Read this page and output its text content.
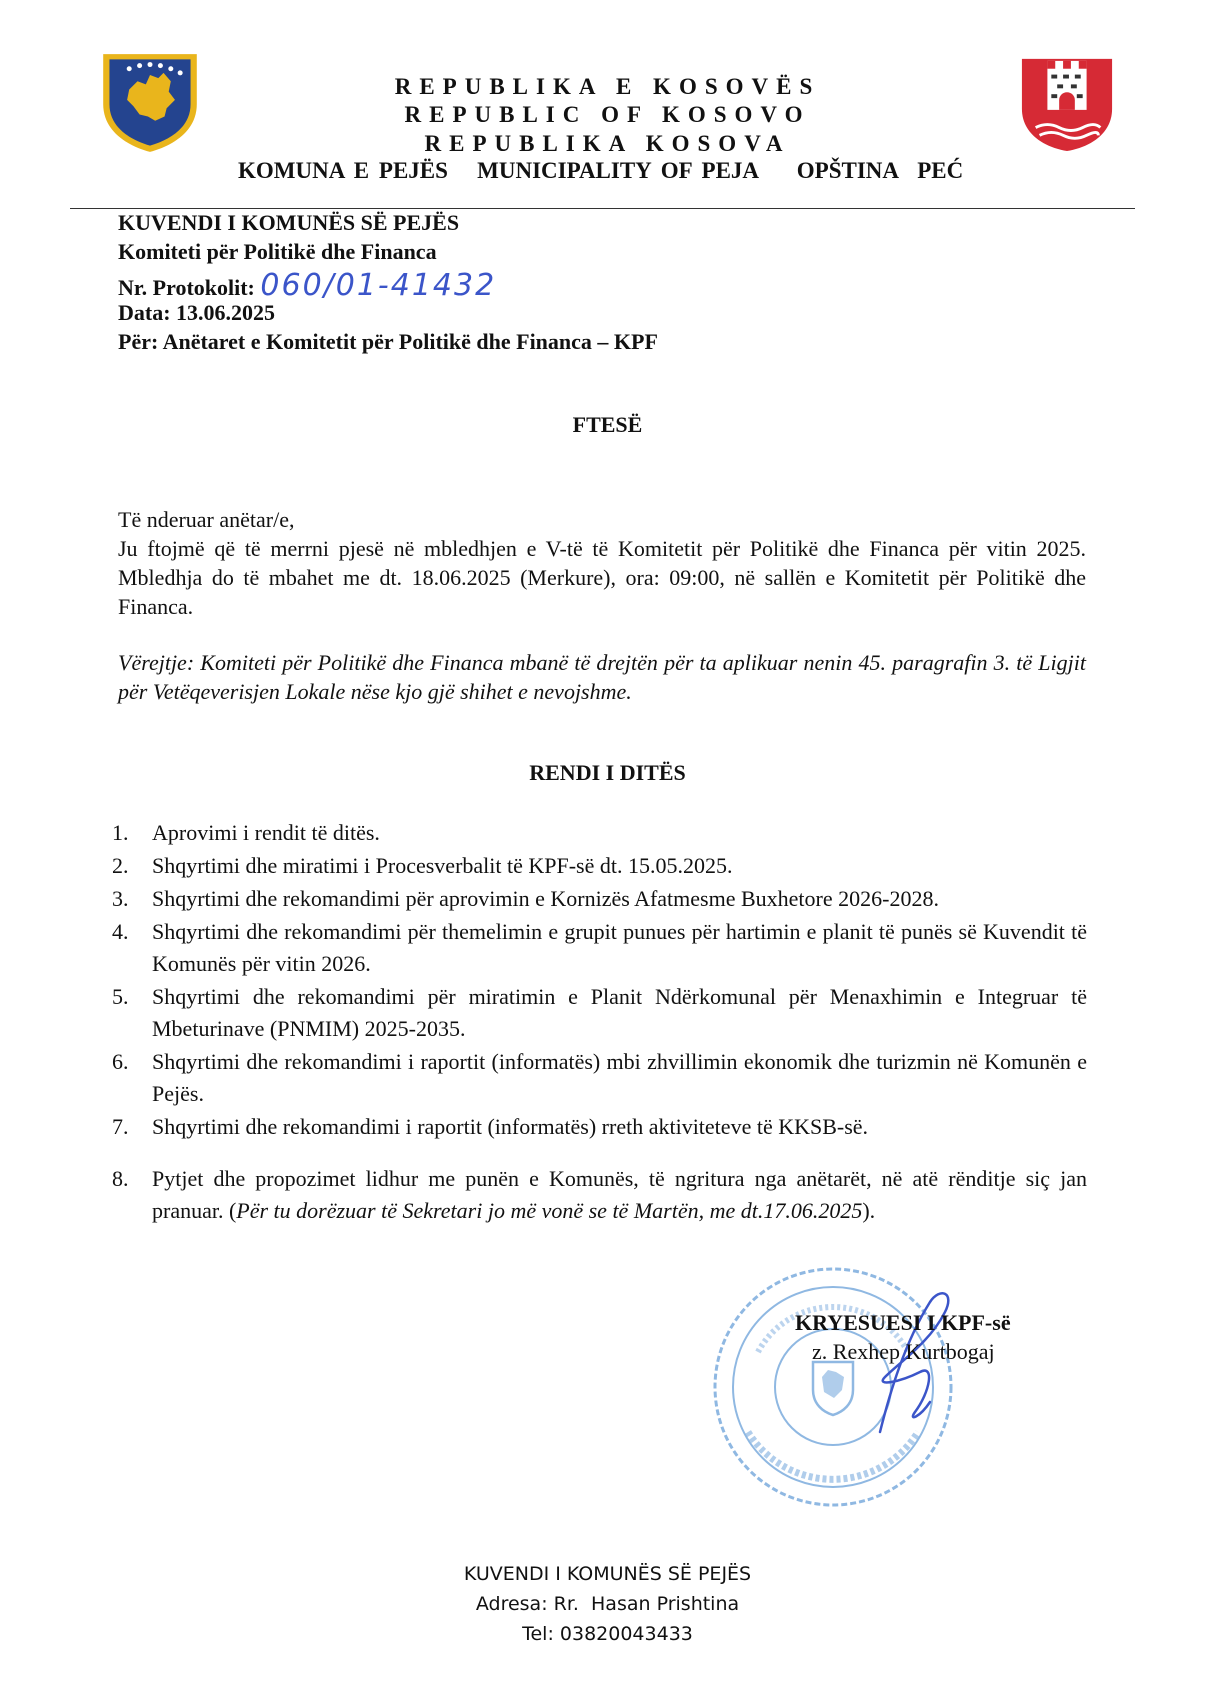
REPUBLIKA E KOSOVËS
REPUBLIC OF KOSOVO
REPUBLIKA KOSOVA
KOMUNA E PEJËS   MUNICIPALITY OF PEJA    OPŠTINA  PEĆ
KUVENDI I KOMUNËS SË PEJËS
Komiteti për Politikë dhe Financa
Nr. Protokolit: 060/01-41432
Data: 13.06.2025
Për: Anëtaret e Komitetit për Politikë dhe Financa – KPF
FTESË
Të nderuar anëtar/e,
Ju ftojmë që të merrni pjesë në mbledhjen e V-të të Komitetit për Politikë dhe Financa për vitin 2025. Mbledhja do të mbahet me dt. 18.06.2025 (Merkure), ora: 09:00, në sallën e Komitetit për Politikë dhe Financa.
Vërejtje: Komiteti për Politikë dhe Financa mbanë të drejtën për ta aplikuar nenin 45. paragrafin 3. të Ligjit për Vetëqeverisjen Lokale nëse kjo gjë shihet e nevojshme.
RENDI I DITËS
1.	Aprovimi i rendit të ditës.
2.	Shqyrtimi dhe miratimi i Procesverbalit të KPF-së dt. 15.05.2025.
3.	Shqyrtimi dhe rekomandimi për aprovimin e Kornizës Afatmesme Buxhetore 2026-2028.
4.	Shqyrtimi dhe rekomandimi për themelimin e grupit punues për hartimin e planit të punës së Kuvendit të Komunës për vitin 2026.
5.	Shqyrtimi dhe rekomandimi për miratimin e Planit Ndërkomunal për Menaxhimin e Integruar të Mbeturinave (PNMIM) 2025-2035.
6.	Shqyrtimi dhe rekomandimi i raportit (informatës) mbi zhvillimin ekonomik dhe turizmin në Komunën e Pejës.
7.	Shqyrtimi dhe rekomandimi i raportit (informatës) rreth aktiviteteve të KKSB-së.
8.	Pytjet dhe propozimet lidhur me punën e Komunës, të ngritura nga anëtarët, në atë rënditje siç jan pranuar. (Për tu dorëzuar të Sekretari jo më vonë se të Martën, me dt.17.06.2025).
KRYESUESI I KPF-së
z. Rexhep Kurtbogaj
KUVENDI I KOMUNËS SË PEJËS
Adresa: Rr.  Hasan Prishtina
Tel: 03820043433
